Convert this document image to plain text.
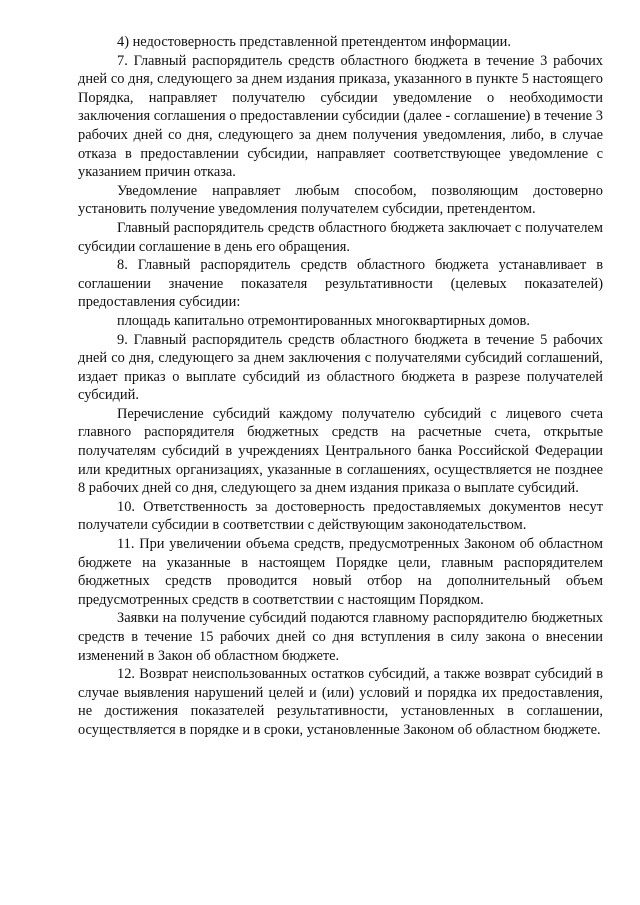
4) недостоверность представленной претендентом информации.

7. Главный распорядитель средств областного бюджета в течение 3 рабочих дней со дня, следующего за днем издания приказа, указанного в пункте 5 настоящего Порядка, направляет получателю субсидии уведомление о необходимости заключения соглашения о предоставлении субсидии (далее - соглашение) в течение 3 рабочих дней со дня, следующего за днем получения уведомления, либо, в случае отказа в предоставлении субсидии, направляет соответствующее уведомление с указанием причин отказа.

Уведомление направляет любым способом, позволяющим достоверно установить получение уведомления получателем субсидии, претендентом.

Главный распорядитель средств областного бюджета заключает с получателем субсидии соглашение в день его обращения.

8. Главный распорядитель средств областного бюджета устанавливает в соглашении значение показателя результативности (целевых показателей) предоставления субсидии:

площадь капитально отремонтированных многоквартирных домов.

9. Главный распорядитель средств областного бюджета в течение 5 рабочих дней со дня, следующего за днем заключения с получателями субсидий соглашений, издает приказ о выплате субсидий из областного бюджета в разрезе получателей субсидий.

Перечисление субсидий каждому получателю субсидий с лицевого счета главного распорядителя бюджетных средств на расчетные счета, открытые получателям субсидий в учреждениях Центрального банка Российской Федерации или кредитных организациях, указанные в соглашениях, осуществляется не позднее 8 рабочих дней со дня, следующего за днем издания приказа о выплате субсидий.

10. Ответственность за достоверность предоставляемых документов несут получатели субсидии в соответствии с действующим законодательством.

11. При увеличении объема средств, предусмотренных Законом об областном бюджете на указанные в настоящем Порядке цели, главным распорядителем бюджетных средств проводится новый отбор на дополнительный объем предусмотренных средств в соответствии с настоящим Порядком.

Заявки на получение субсидий подаются главному распорядителю бюджетных средств в течение 15 рабочих дней со дня вступления в силу закона о внесении изменений в Закон об областном бюджете.

12. Возврат неиспользованных остатков субсидий, а также возврат субсидий в случае выявления нарушений целей и (или) условий и порядка их предоставления, не достижения показателей результативности, установленных в соглашении, осуществляется в порядке и в сроки, установленные Законом об областном бюджете.
